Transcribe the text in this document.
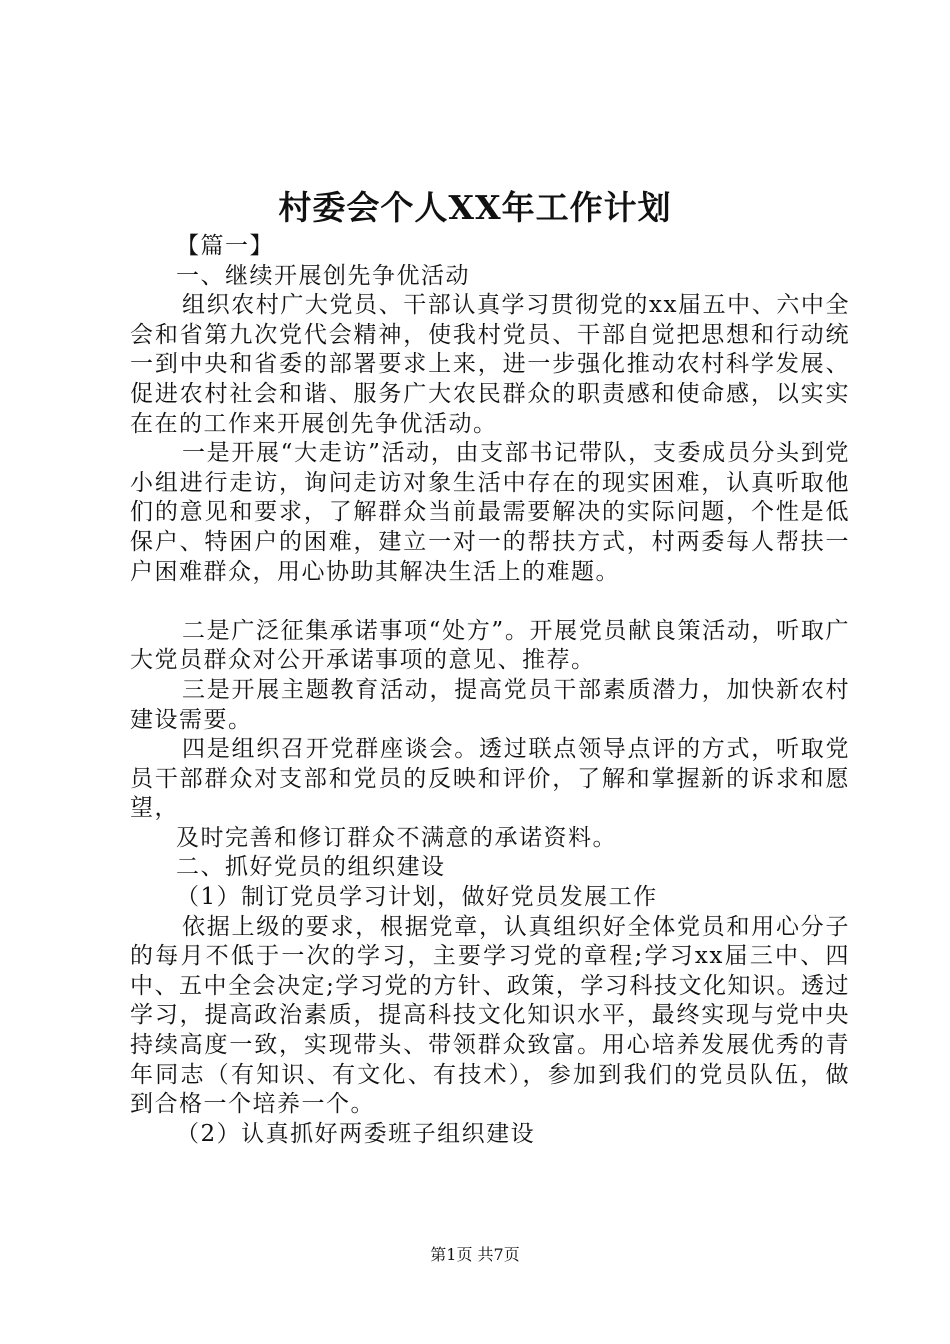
村委会个人XX年工作计划

【篇一】

一、继续开展创先争优活动

组织农村广大党员、干部认真学习贯彻党的xx届五中、六中全会和省第九次党代会精神，使我村党员、干部自觉把思想和行动统一到中央和省委的部署要求上来，进一步强化推动农村科学发展、促进农村社会和谐、服务广大农民群众的职责感和使命感，以实实在在的工作来开展创先争优活动。

一是开展“大走访”活动，由支部书记带队，支委成员分头到党小组进行走访，询问走访对象生活中存在的现实困难，认真听取他们的意见和要求，了解群众当前最需要解决的实际问题，个性是低保户、特困户的困难，建立一对一的帮扶方式，村两委每人帮扶一户困难群众，用心协助其解决生活上的难题。

二是广泛征集承诺事项“处方”。开展党员献良策活动，听取广大党员群众对公开承诺事项的意见、推荐。

三是开展主题教育活动，提高党员干部素质潜力，加快新农村建设需要。

四是组织召开党群座谈会。透过联点领导点评的方式，听取党员干部群众对支部和党员的反映和评价，了解和掌握新的诉求和愿望，

及时完善和修订群众不满意的承诺资料。

二、抓好党员的组织建设

（1）制订党员学习计划，做好党员发展工作

依据上级的要求，根据党章，认真组织好全体党员和用心分子的每月不低于一次的学习，主要学习党的章程;学习xx届三中、四中、五中全会决定;学习党的方针、政策，学习科技文化知识。透过学习，提高政治素质，提高科技文化知识水平，最终实现与党中央持续高度一致，实现带头、带领群众致富。用心培养发展优秀的青年同志（有知识、有文化、有技术），参加到我们的党员队伍，做到合格一个培养一个。

（2）认真抓好两委班子组织建设

第1页 共7页
